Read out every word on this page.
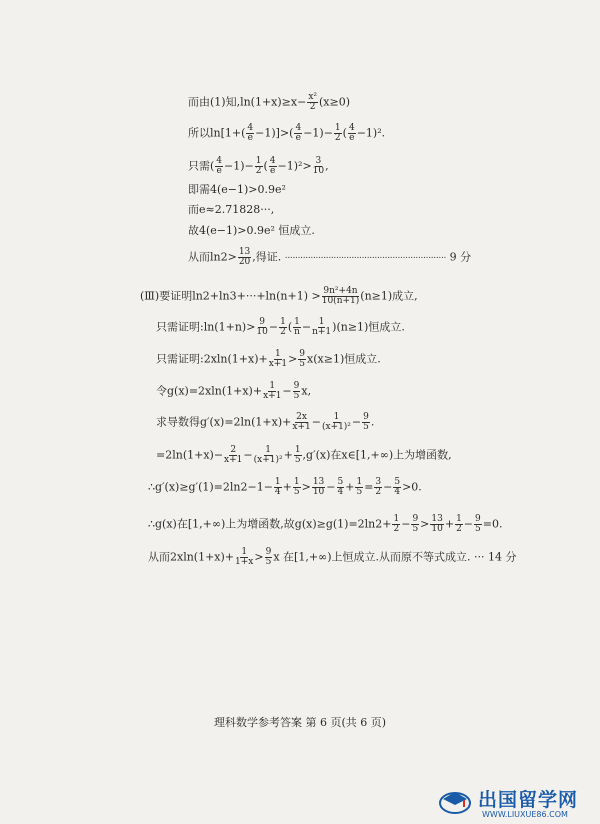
而由(1)知$,\ln(1+x)\ge x- \frac{\text{x²}}{2} (x\ge 0)$
所以$\ln[1+( \frac{4}{e} -1)]>( \frac{4}{e} -1)- \frac{1}{2}$ ( $\frac{4}{e} -1)^2$.
只需( $\frac{4}{e} -1)- \frac{1}{2}$ ( $\frac{4}{e} -1)^2> \frac{3}{10}$ ,
即需4(e−1)>0.9e²
而e≈2.71828···,
故4(e−1)>0.9e² 恒成立.
从而$\ln 2> \frac{13}{20}$ ,得证. ······························································· 9 分
(Ⅲ)要证明$\ln 2+\ln 3+\cdot\cdot\cdot+\ln(n+1) > \frac{\text{9n²+4n}}{10(n+1)} (n\ge 1)$成立,
只需证明:ln(1+n)> $\frac{9}{10} - \frac{1}{2}$ ( $\frac{1}{n} - \frac{1}{n+1} )(n\ge 1)$恒成立.
只需证明:2xln(1+x)+ $\frac{1}{x+1} > \frac{9}{5} x(x\ge 1)$恒成立.
令$g(x)=2xln(1+x)+ \frac{1}{x+1} - \frac{9}{5} x$,
求导数得$g'(x)=2\ln(1+x)+ \frac{2x}{x+1} - \frac{1}{\text{(x+1)²}} - \frac{9}{5}$ .
$=2\ln(1+x)- \frac{2}{x+1} - \frac{1}{\text{(x+1)²}} + \frac{1}{5} ,g'(x)$在x∈[1,+∞)上为增函数,
∴g′(x)≥g′(1)=2ln2−1− $\frac{1}{4} + \frac{1}{5} > \frac{13}{10} - \frac{5}{4} + \frac{1}{5} = \frac{3}{2} - \frac{5}{4} >0$.
∴g(x)在[1,+∞)上为增函数,故$g(x)\ge g(1)=2\ln 2+ \frac{1}{2} - \frac{9}{5} > \frac{13}{10} + \frac{1}{2} - \frac{9}{5} =0$.
从而$2xln(1+x)+ \frac{1}{1+x} > \frac{9}{5}$ x 在[1,+∞)上恒成立.从而原不等式成立. ··· 14 分
理科数学参考答案 第 6 页(共 6 页)
出国留学网
WWW.LIUXUE86.COM
